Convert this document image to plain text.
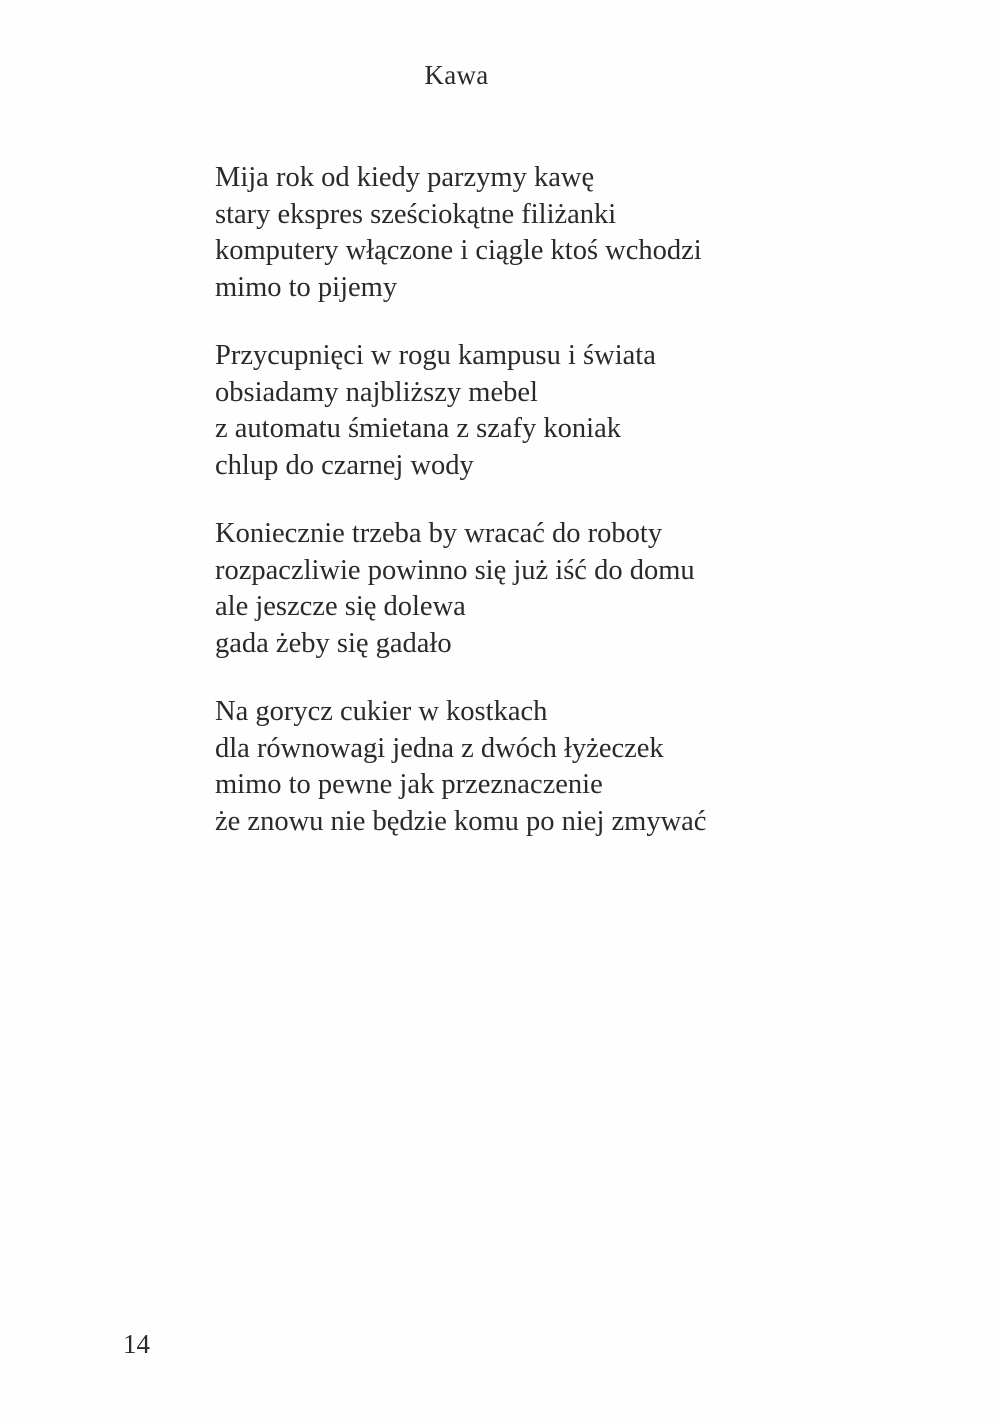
Kawa
Mija rok od kiedy parzymy kawę
stary ekspres sześciokątne filiżanki
komputery włączone i ciągle ktoś wchodzi
mimo to pijemy
Przycupnięci w rogu kampusu i świata
obsiadamy najbliższy mebel
z automatu śmietana z szafy koniak
chlup do czarnej wody
Koniecznie trzeba by wracać do roboty
rozpaczliwie powinno się już iść do domu
ale jeszcze się dolewa
gada żeby się gadało
Na gorycz cukier w kostkach
dla równowagi jedna z dwóch łyżeczek
mimo to pewne jak przeznaczenie
że znowu nie będzie komu po niej zmywać
14
